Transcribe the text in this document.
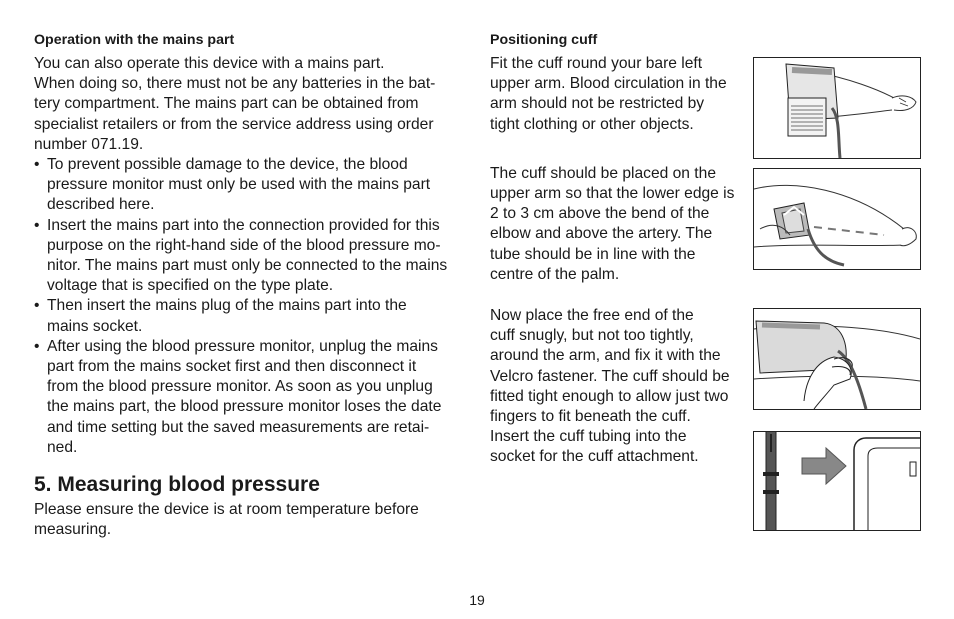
Operation with the mains part

You can also operate this device with a mains part.
When doing so, there must not be any batteries in the bat-
tery compartment. The mains part can be obtained from
specialist retailers or from the service address using order
number 071.19.

• To prevent possible damage to the device, the blood
pressure monitor must only be used with the mains part
described here.
• Insert the mains part into the connection provided for this
purpose on the right-hand side of the blood pressure mo-
nitor. The mains part must only be connected to the mains
voltage that is specified on the type plate.
• Then insert the mains plug of the mains part into the
mains socket.
• After using the blood pressure monitor, unplug the mains
part from the mains socket first and then disconnect it
from the blood pressure monitor. As soon as you unplug
the mains part, the blood pressure monitor loses the date
and time setting but the saved measurements are retai-
ned.
5. Measuring blood pressure

Please ensure the device is at room temperature before
measuring.

Positioning cuff

Fit the cuff round your bare left
upper arm. Blood circulation in the
arm should not be restricted by
tight clothing or other objects.

The cuff should be placed on the
upper arm so that the lower edge is
2 to 3 cm above the bend of the
elbow and above the artery. The
tube should be in line with the
centre of the palm.

Now place the free end of the
cuff snugly, but not too tightly,
around the arm, and fix it with the
Velcro fastener. The cuff should be
fitted tight enough to allow just two
fingers to fit beneath the cuff.
Insert the cuff tubing into the
socket for the cuff attachment.

19
